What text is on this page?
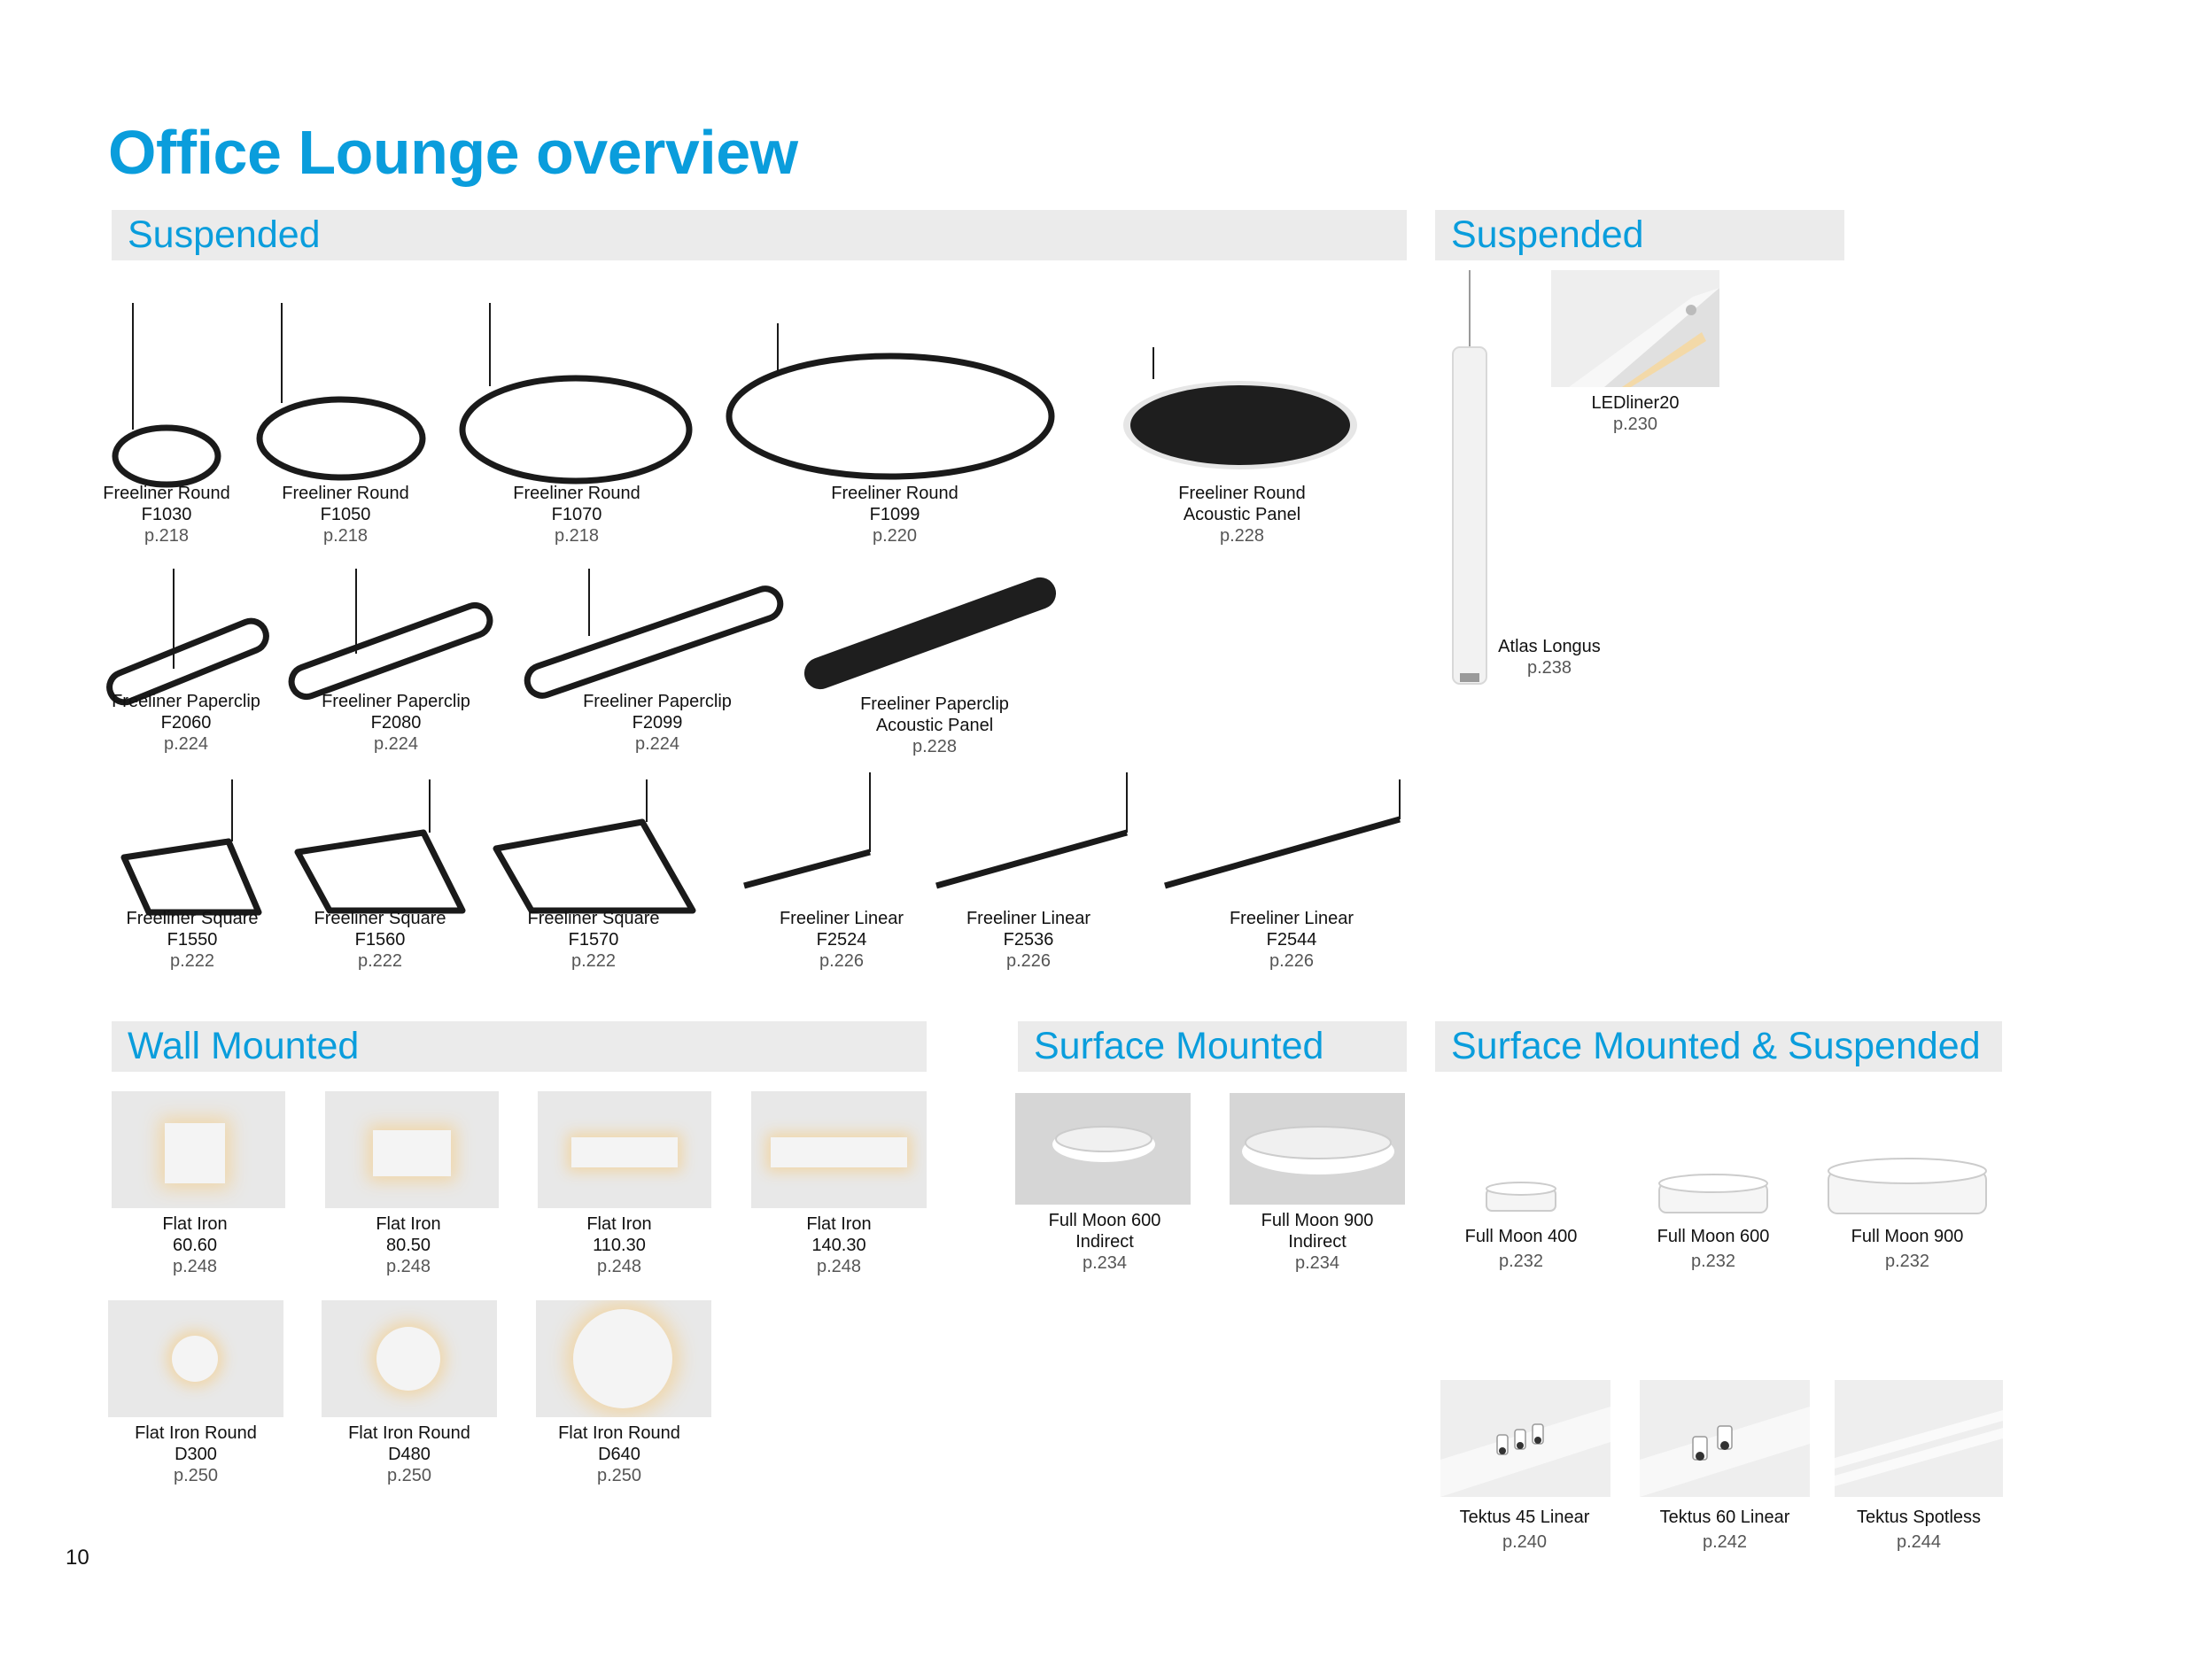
Office Lounge overview
Suspended	Suspended
Wall Mounted	Surface Mounted	Surface Mounted & Suspended
Freeliner Round
F1030
p.218
Freeliner Round
F1050
p.218
Freeliner Round
F1070
p.218
Freeliner Round
F1099
p.220
Freeliner Round
Acoustic Panel
p.228
Freeliner Paperclip
F2060
p.224
Freeliner Paperclip
F2080
p.224
Freeliner Paperclip
F2099
p.224
Freeliner Paperclip
Acoustic Panel
p.228
Freeliner Square
F1550
p.222
Freeliner Square
F1560
p.222
Freeliner Square
F1570
p.222
Freeliner Linear
F2524
p.226
Freeliner Linear
F2536
p.226
Freeliner Linear
F2544
p.226
LEDliner20
p.230
Atlas Longus
p.238
Flat Iron
60.60
p.248
Flat Iron
80.50
p.248
Flat Iron
110.30
p.248
Flat Iron
140.30
p.248
Flat Iron Round
D300
p.250
Flat Iron Round
D480
p.250
Flat Iron Round
D640
p.250
Full Moon 600
Indirect
p.234
Full Moon 900
Indirect
p.234
Full Moon 400
p.232
Full Moon 600
p.232
Full Moon 900
p.232
Tektus 45 Linear
p.240
Tektus 60 Linear
p.242
Tektus Spotless
p.244
10
